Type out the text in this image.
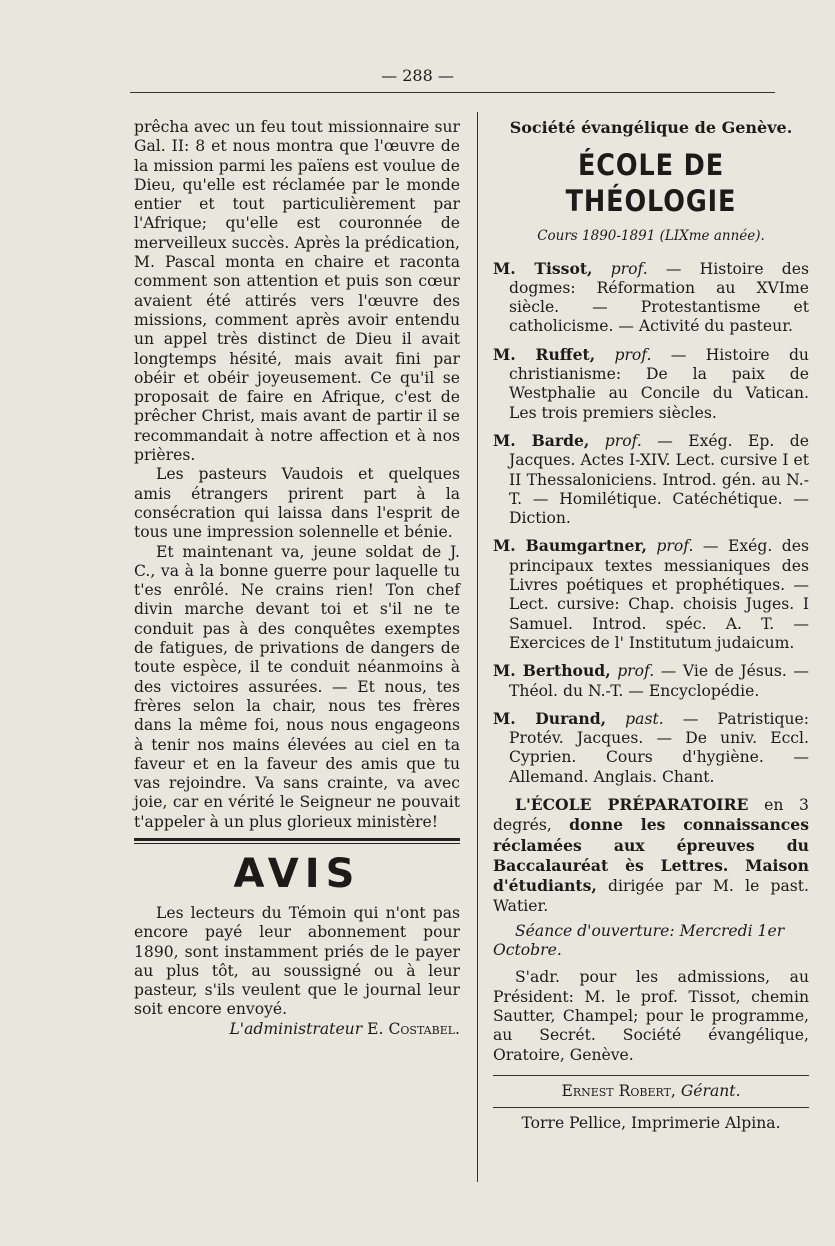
— 288 —

prêcha avec un feu tout missionnaire sur Gal. II: 8 et nous montra que l'œuvre de la mission parmi les païens est voulue de Dieu, qu'elle est réclamée par le monde entier et tout particulièrement par l'Afrique; qu'elle est couronnée de merveilleux succès. Après la prédication, M. Pascal monta en chaire et raconta comment son attention et puis son cœur avaient été attirés vers l'œuvre des missions, comment après avoir entendu un appel très distinct de Dieu il avait longtemps hésité, mais avait fini par obéir et obéir joyeusement. Ce qu'il se proposait de faire en Afrique, c'est de prêcher Christ, mais avant de partir il se recommandait à notre affection et à nos prières.

Les pasteurs Vaudois et quelques amis étrangers prirent part à la consécration qui laissa dans l'esprit de tous une impression solennelle et bénie.

Et maintenant va, jeune soldat de J. C., va à la bonne guerre pour laquelle tu t'es enrôlé. Ne crains rien! Ton chef divin marche devant toi et s'il ne te conduit pas à des conquêtes exemptes de fatigues, de privations de dangers de toute espèce, il te conduit néanmoins à des victoires assurées. — Et nous, tes frères selon la chair, nous tes frères dans la même foi, nous nous engageons à tenir nos mains élevées au ciel en ta faveur et en la faveur des amis que tu vas rejoindre. Va sans crainte, va avec joie, car en vérité le Seigneur ne pouvait t'appeler à un plus glorieux ministère!

AVIS

Les lecteurs du Témoin qui n'ont pas encore payé leur abonnement pour 1890, sont instamment priés de le payer au plus tôt, au soussigné ou à leur pasteur, s'ils veulent que le journal leur soit encore envoyé.

L'administrateur E. Costabel.

Société évangélique de Genève.
ÉCOLE DE THÉOLOGIE
Cours 1890-1891 (LIXme année).
M. Tissot, prof. — Histoire des dogmes: Réformation au XVIme siècle. — Protestantisme et catholicisme. — Activité du pasteur.
M. Ruffet, prof. — Histoire du christianisme: De la paix de Westphalie au Concile du Vatican. Les trois premiers siècles.
M. Barde, prof. — Exég. Ep. de Jacques. Actes I-XIV. Lect. cursive I et II Thessaloniciens. Introd. gén. au N.-T. — Homilétique. Catéchétique. — Diction.
M. Baumgartner, prof. — Exég. des principaux textes messianiques des Livres poétiques et prophétiques. — Lect. cursive: Chap. choisis Juges. I Samuel. Introd. spéc. A. T. — Exercices de l' Institutum judaicum.
M. Berthoud, prof. — Vie de Jésus. — Théol. du N.-T. — Encyclopédie.
M. Durand, past. — Patristique: Protév. Jacques. — De univ. Eccl. Cyprien. Cours d'hygiène. — Allemand. Anglais. Chant.

L'ÉCOLE PRÉPARATOIRE en 3 degrés, donne les connaissances réclamées aux épreuves du Baccalauréat ès Lettres. Maison d'étudiants, dirigée par M. le past. Watier.

Séance d'ouverture: Mercredi 1er Octobre.

S'adr. pour les admissions, au Président: M. le prof. Tissot, chemin Sautter, Champel; pour le programme, au Secrét. Société évangélique, Oratoire, Genève.

Ernest Robert, Gérant.

Torre Pellice, Imprimerie Alpina.
